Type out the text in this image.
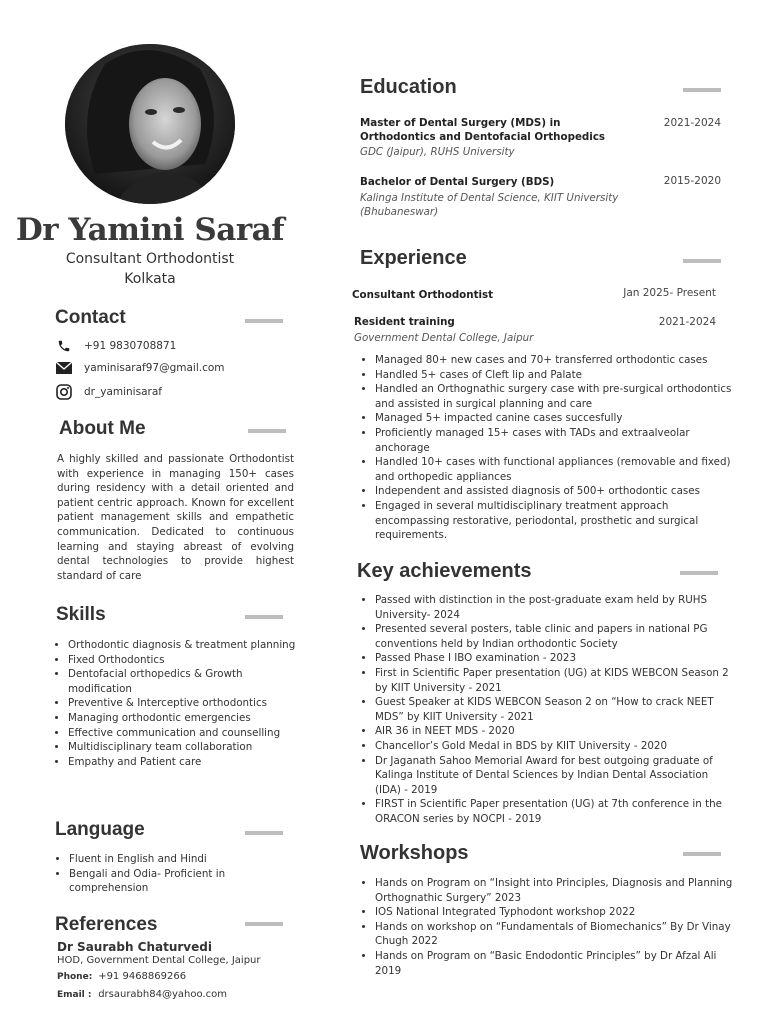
Dr Yamini Saraf
Consultant Orthodontist
Kolkata
Contact
+91 9830708871
yaminisaraf97@gmail.com
dr_yaminisaraf
About Me

A highly skilled and passionate Orthodontist with experience in managing 150+ cases during residency with a detail oriented and patient centric approach. Known for excellent patient management skills and empathetic communication. Dedicated to continuous learning and staying abreast of evolving dental technologies to provide highest standard of care

Skills
• Orthodontic diagnosis & treatment planning
• Fixed Orthodontics
• Dentofacial orthopedics & Growth modification
• Preventive & Interceptive orthodontics
• Managing orthodontic emergencies
• Effective communication and counselling
• Multidisciplinary team collaboration
• Empathy and Patient care
Language
• Fluent in English and Hindi
• Bengali and Odia- Proficient in comprehension
References
Dr Saurabh Chaturvedi
HOD, Government Dental College, Jaipur
Phone: +91 9468869266
Email : drsaurabh84@yahoo.com
Education
Master of Dental Surgery (MDS) in Orthodontics and Dentofacial Orthopedics
2021-2024
GDC (Jaipur), RUHS University
Bachelor of Dental Surgery (BDS)	2015-2020
Kalinga Institute of Dental Science, KIIT University (Bhubaneswar)
Experience
Consultant Orthodontist	Jan 2025- Present
Resident training	2021-2024
Government Dental College, Jaipur
• Managed 80+ new cases and 70+ transferred orthodontic cases
• Handled 5+ cases of Cleft lip and Palate
• Handled an Orthognathic surgery case with pre-surgical orthodontics and assisted in surgical planning and care
• Managed 5+ impacted canine cases succesfully
• Proficiently managed 15+ cases with TADs and extraalveolar anchorage
• Handled 10+ cases with functional appliances (removable and fixed) and orthopedic appliances
• Independent and assisted diagnosis of 500+ orthodontic cases
• Engaged in several multidisciplinary treatment approach encompassing restorative, periodontal, prosthetic and surgical requirements.
Key achievements
• Passed with distinction in the post-graduate exam held by RUHS University- 2024
• Presented several posters, table clinic and papers in national PG conventions held by Indian orthodontic Society
• Passed Phase I IBO examination - 2023
• First in Scientific Paper presentation (UG) at KIDS WEBCON Season 2 by KIIT University - 2021
• Guest Speaker at KIDS WEBCON Season 2 on “How to crack NEET MDS” by KIIT University - 2021
• AIR 36 in NEET MDS - 2020
• Chancellor’s Gold Medal in BDS by KIIT University - 2020
• Dr Jaganath Sahoo Memorial Award for best outgoing graduate of Kalinga Institute of Dental Sciences by Indian Dental Association (IDA) - 2019
• FIRST in Scientific Paper presentation (UG) at 7th conference in the ORACON series by NOCPI - 2019
Workshops
• Hands on Program on “Insight into Principles, Diagnosis and Planning Orthognathic Surgery” 2023
• IOS National Integrated Typhodont workshop 2022
• Hands on workshop on “Fundamentals of Biomechanics” By Dr Vinay Chugh 2022
• Hands on Program on “Basic Endodontic Principles” by Dr Afzal Ali 2019
